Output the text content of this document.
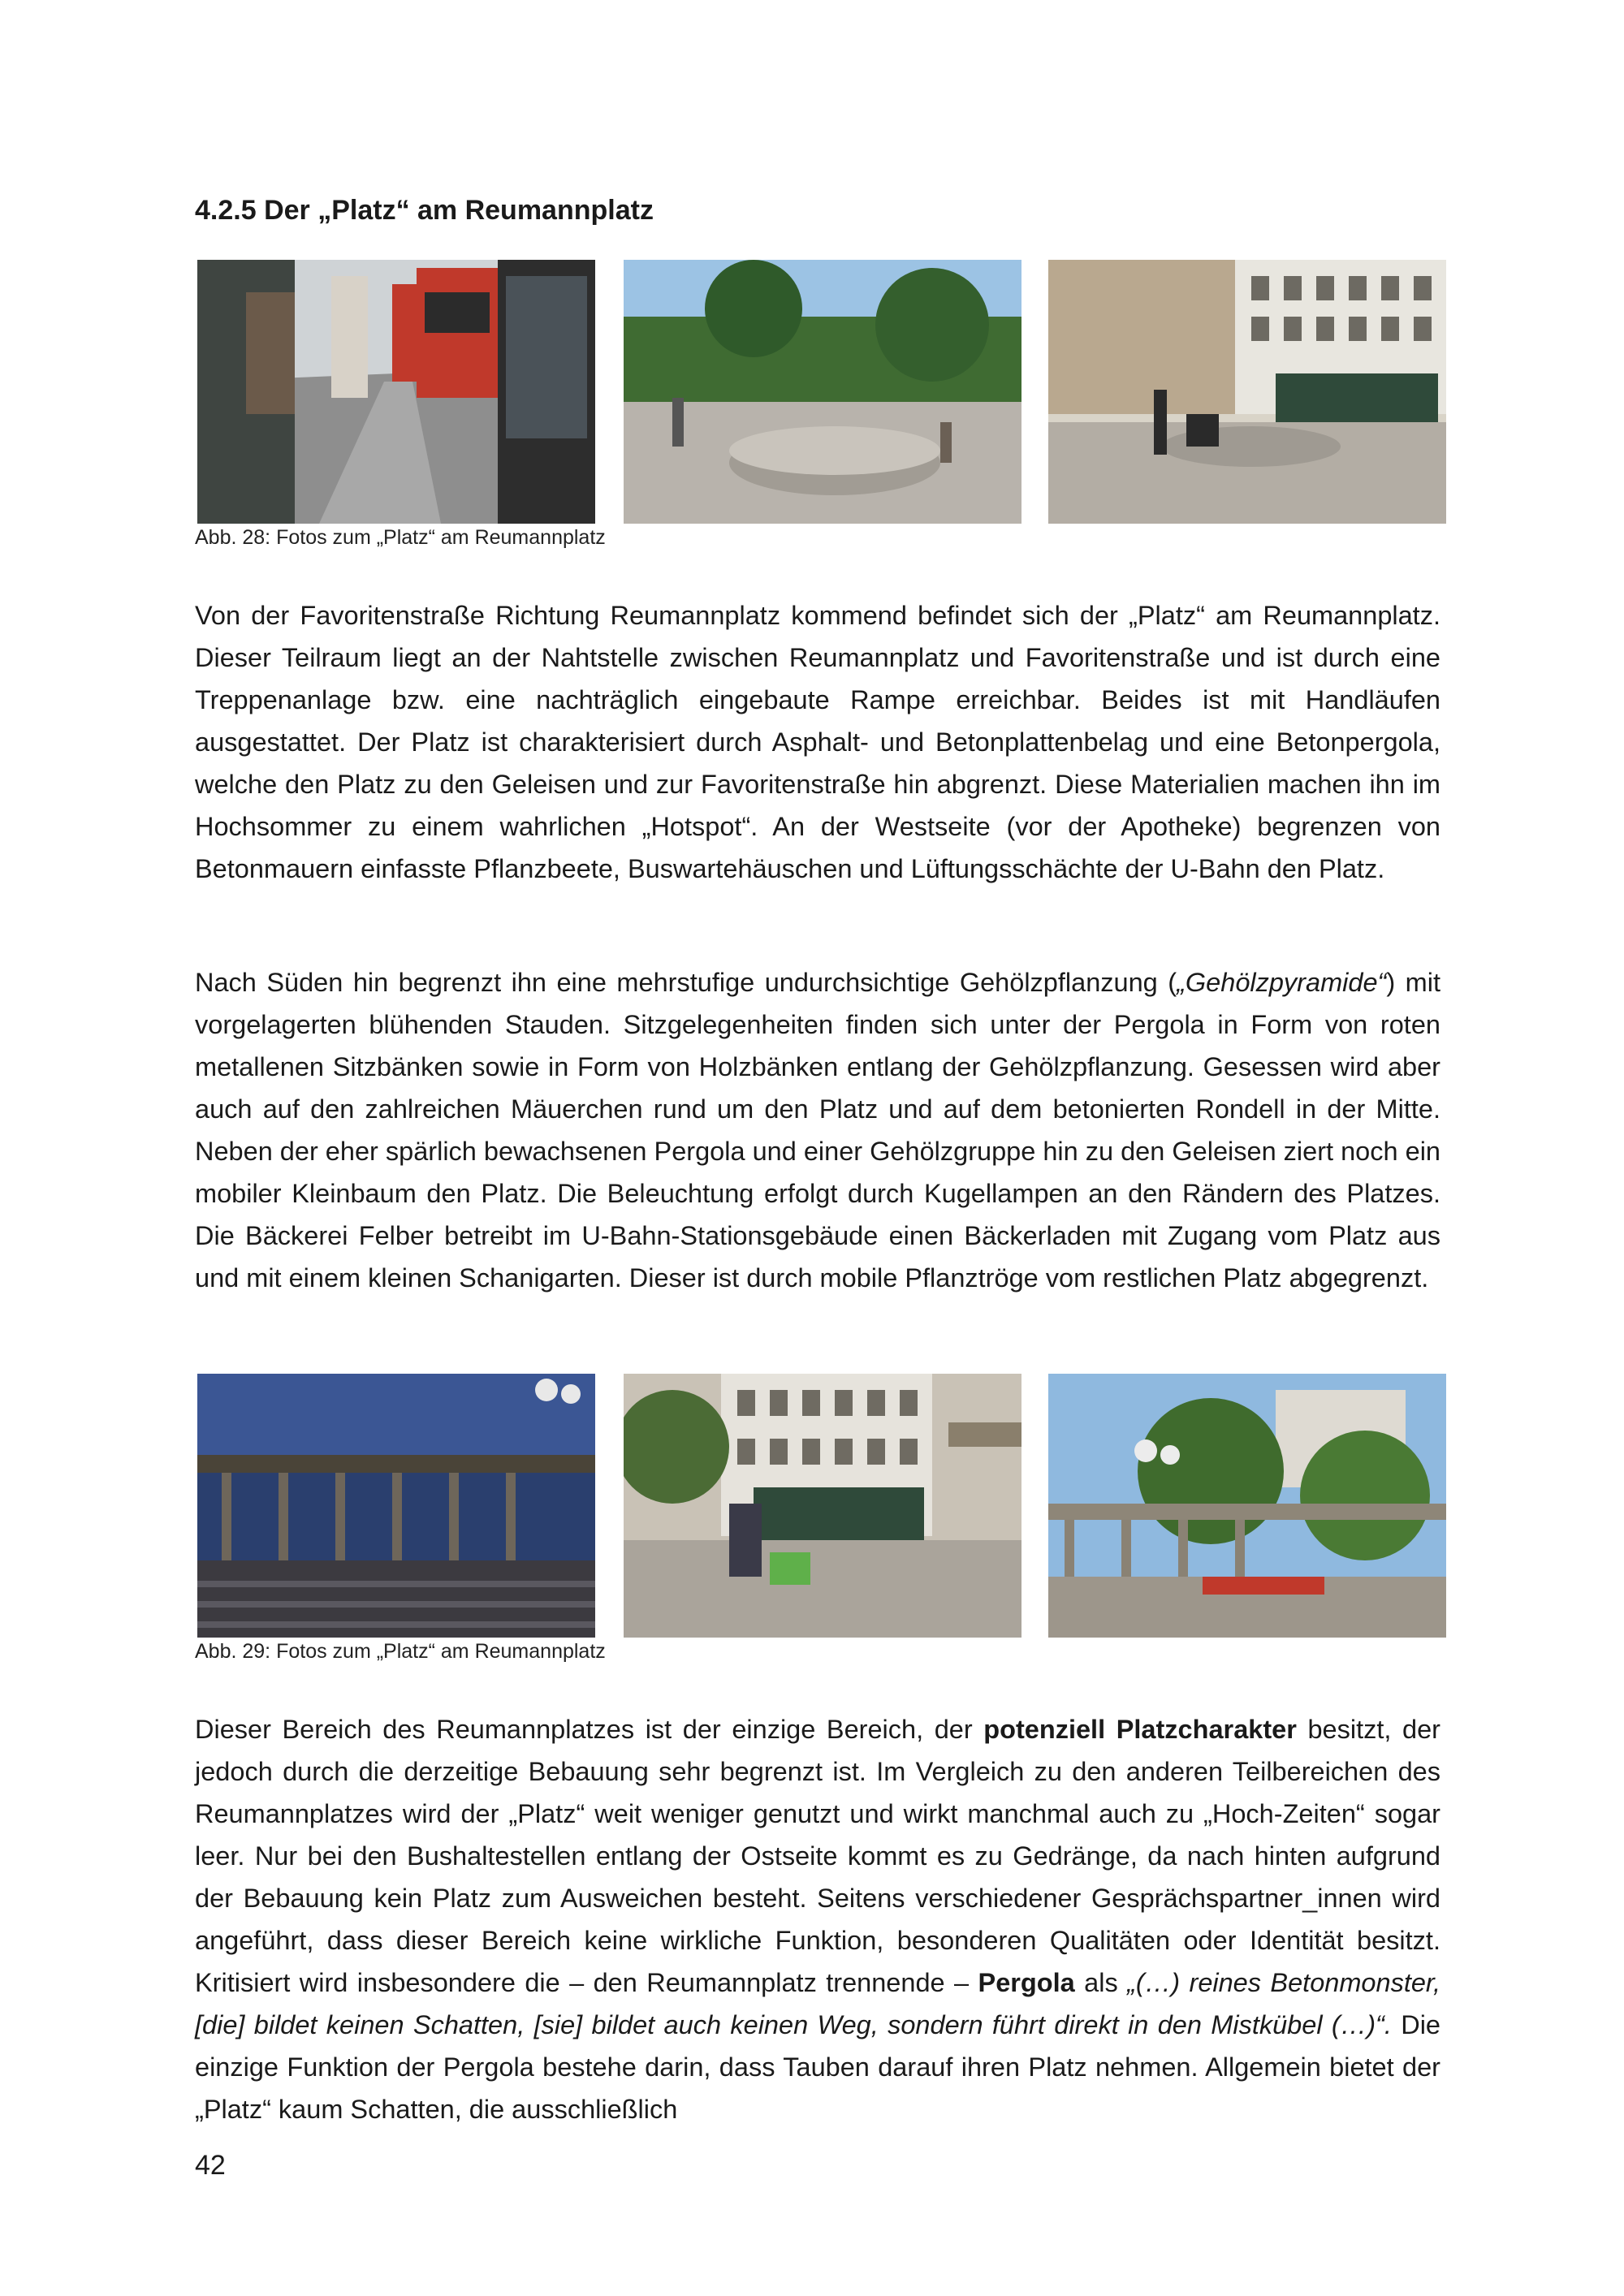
4.2.5 Der „Platz“ am Reumannplatz

Abb. 28: Fotos zum „Platz“ am Reumannplatz

Von der Favoritenstraße Richtung Reumannplatz kommend befindet sich der „Platz“ am Reumannplatz. Dieser Teilraum liegt an der Nahtstelle zwischen Reumannplatz und Favoritenstraße und ist durch eine Treppenanlage bzw. eine nachträglich eingebaute Rampe erreichbar. Beides ist mit Handläufen ausgestattet. Der Platz ist charakterisiert durch Asphalt- und Betonplattenbelag und eine Betonpergola, welche den Platz zu den Geleisen und zur Favoritenstraße hin abgrenzt. Diese Materialien machen ihn im Hochsommer zu einem wahrlichen „Hotspot“. An der Westseite (vor der Apotheke) begrenzen von Betonmauern einfasste Pflanzbeete, Buswartehäuschen und Lüftungsschächte der U-Bahn den Platz.

Nach Süden hin begrenzt ihn eine mehrstufige undurchsichtige Gehölzpflanzung („Gehölzpyramide“) mit vorgelagerten blühenden Stauden. Sitzgelegenheiten finden sich unter der Pergola in Form von roten metallenen Sitzbänken sowie in Form von Holzbänken entlang der Gehölzpflanzung. Gesessen wird aber auch auf den zahlreichen Mäuerchen rund um den Platz und auf dem betonierten Rondell in der Mitte. Neben der eher spärlich bewachsenen Pergola und einer Gehölzgruppe hin zu den Geleisen ziert noch ein mobiler Kleinbaum den Platz. Die Beleuchtung erfolgt durch Kugellampen an den Rändern des Platzes. Die Bäckerei Felber betreibt im U-Bahn-Stationsgebäude einen Bäckerladen mit Zugang vom Platz aus und mit einem kleinen Schanigarten. Dieser ist durch mobile Pflanztröge vom restlichen Platz abgegrenzt.

Abb. 29: Fotos zum „Platz“ am Reumannplatz

Dieser Bereich des Reumannplatzes ist der einzige Bereich, der potenziell Platzcharakter besitzt, der jedoch durch die derzeitige Bebauung sehr begrenzt ist. Im Vergleich zu den anderen Teilbereichen des Reumannplatzes wird der „Platz“ weit weniger genutzt und wirkt manchmal auch zu „Hoch-Zeiten“ sogar leer. Nur bei den Bushaltestellen entlang der Ostseite kommt es zu Gedränge, da nach hinten aufgrund der Bebauung kein Platz zum Ausweichen besteht. Seitens verschiedener Gesprächspartner_innen wird angeführt, dass dieser Bereich keine wirkliche Funktion, besonderen Qualitäten oder Identität besitzt. Kritisiert wird insbesondere die – den Reumannplatz trennende – Pergola als „(…) reines Betonmonster, [die] bildet keinen Schatten, [sie] bildet auch keinen Weg, sondern führt direkt in den Mistkübel (…)“. Die einzige Funktion der Pergola bestehe darin, dass Tauben darauf ihren Platz nehmen. Allgemein bietet der „Platz“ kaum Schatten, die ausschließlich

42
